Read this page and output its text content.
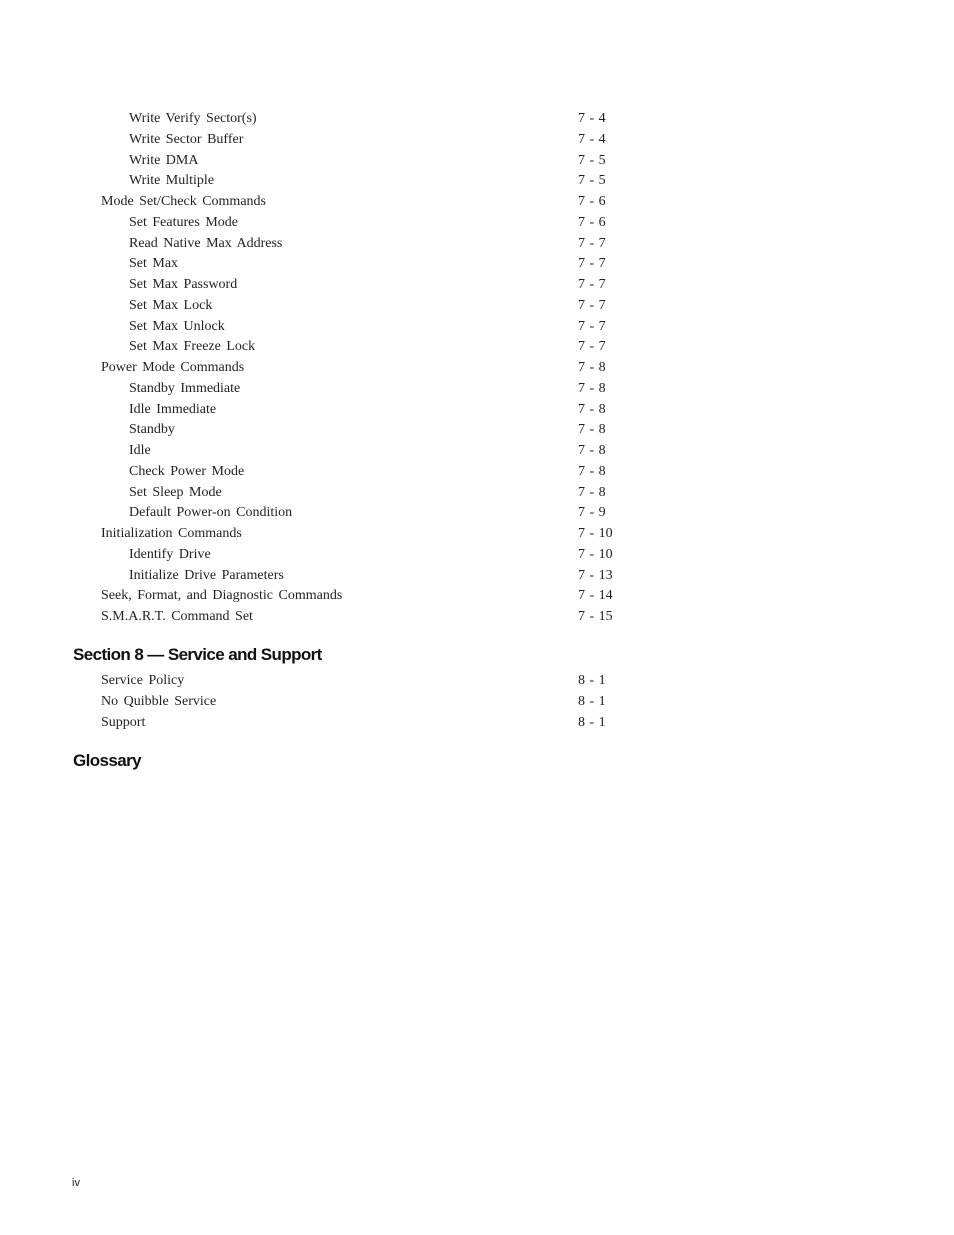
Write Verify Sector(s)	7 - 4
Write Sector Buffer	7 - 4
Write DMA	7 - 5
Write Multiple	7 - 5
Mode Set/Check Commands	7 - 6
Set Features Mode	7 - 6
Read Native Max Address	7 - 7
Set Max	7 - 7
Set Max Password	7 - 7
Set Max Lock	7 - 7
Set Max Unlock	7 - 7
Set Max Freeze Lock	7 - 7
Power Mode Commands	7 - 8
Standby Immediate	7 - 8
Idle Immediate	7 - 8
Standby	7 - 8
Idle	7 - 8
Check Power Mode	7 - 8
Set Sleep Mode	7 - 8
Default Power-on Condition	7 - 9
Initialization Commands	7 - 10
Identify Drive	7 - 10
Initialize Drive Parameters	7 - 13
Seek, Format, and Diagnostic Commands	7 - 14
S.M.A.R.T. Command Set	7 - 15
Section 8 — Service and Support
Service Policy	8 - 1
No Quibble Service	8 - 1
Support	8 - 1
Glossary
iv
